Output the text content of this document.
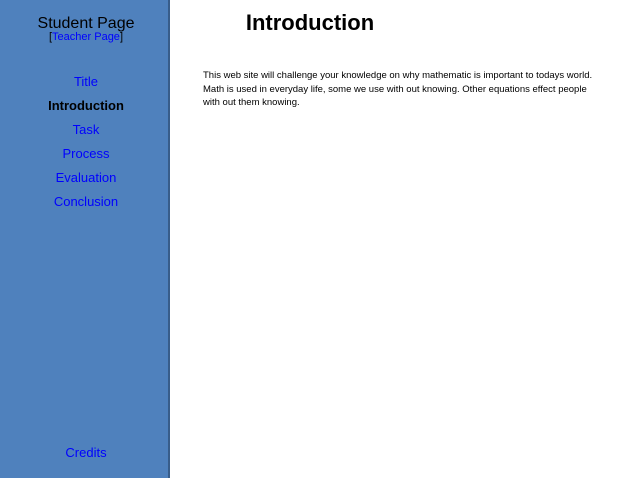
Student Page
[Teacher Page]
Title
Introduction
Task
Process
Evaluation
Conclusion
Credits
Introduction
This web site will challenge your knowledge on why mathematic is important to todays world. Math is used in everyday life, some we use with out knowing. Other equations effect people with out them knowing.
